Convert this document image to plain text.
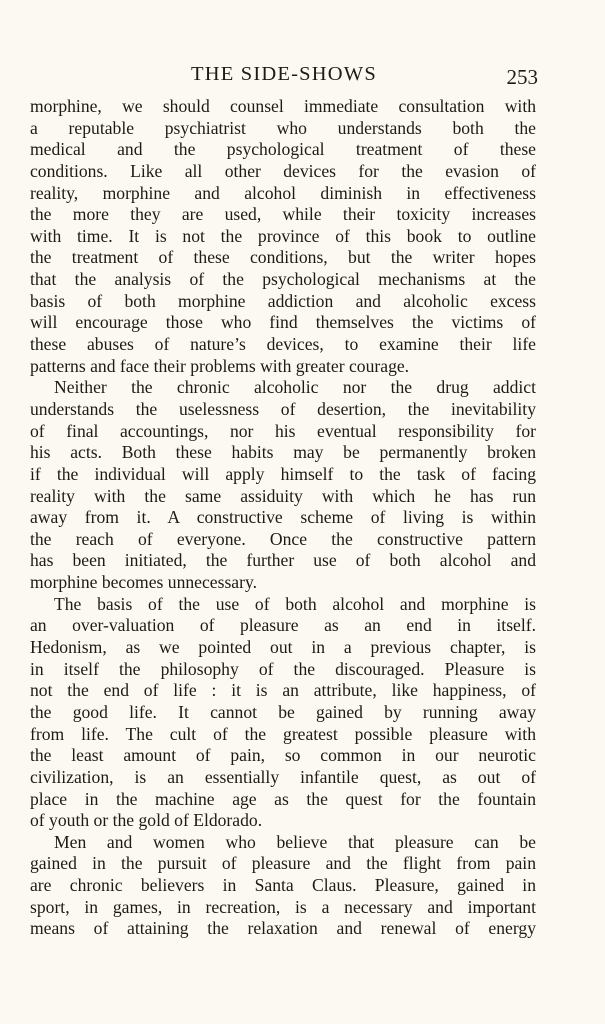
THE SIDE-SHOWS	253
morphine, we should counsel immediate consultation with
a reputable psychiatrist who understands both the
medical and the psychological treatment of these
conditions. Like all other devices for the evasion of
reality, morphine and alcohol diminish in effectiveness
the more they are used, while their toxicity increases
with time. It is not the province of this book to outline
the treatment of these conditions, but the writer hopes
that the analysis of the psychological mechanisms at the
basis of both morphine addiction and alcoholic excess
will encourage those who find themselves the victims of
these abuses of nature’s devices, to examine their life
patterns and face their problems with greater courage.
Neither the chronic alcoholic nor the drug addict
understands the uselessness of desertion, the inevitability
of final accountings, nor his eventual responsibility for
his acts. Both these habits may be permanently broken
if the individual will apply himself to the task of facing
reality with the same assiduity with which he has run
away from it. A constructive scheme of living is within
the reach of everyone. Once the constructive pattern
has been initiated, the further use of both alcohol and
morphine becomes unnecessary.
The basis of the use of both alcohol and morphine is
an over-valuation of pleasure as an end in itself.
Hedonism, as we pointed out in a previous chapter, is
in itself the philosophy of the discouraged. Pleasure is
not the end of life : it is an attribute, like happiness, of
the good life. It cannot be gained by running away
from life. The cult of the greatest possible pleasure with
the least amount of pain, so common in our neurotic
civilization, is an essentially infantile quest, as out of
place in the machine age as the quest for the fountain
of youth or the gold of Eldorado.
Men and women who believe that pleasure can be
gained in the pursuit of pleasure and the flight from pain
are chronic believers in Santa Claus. Pleasure, gained in
sport, in games, in recreation, is a necessary and important
means of attaining the relaxation and renewal of energy
